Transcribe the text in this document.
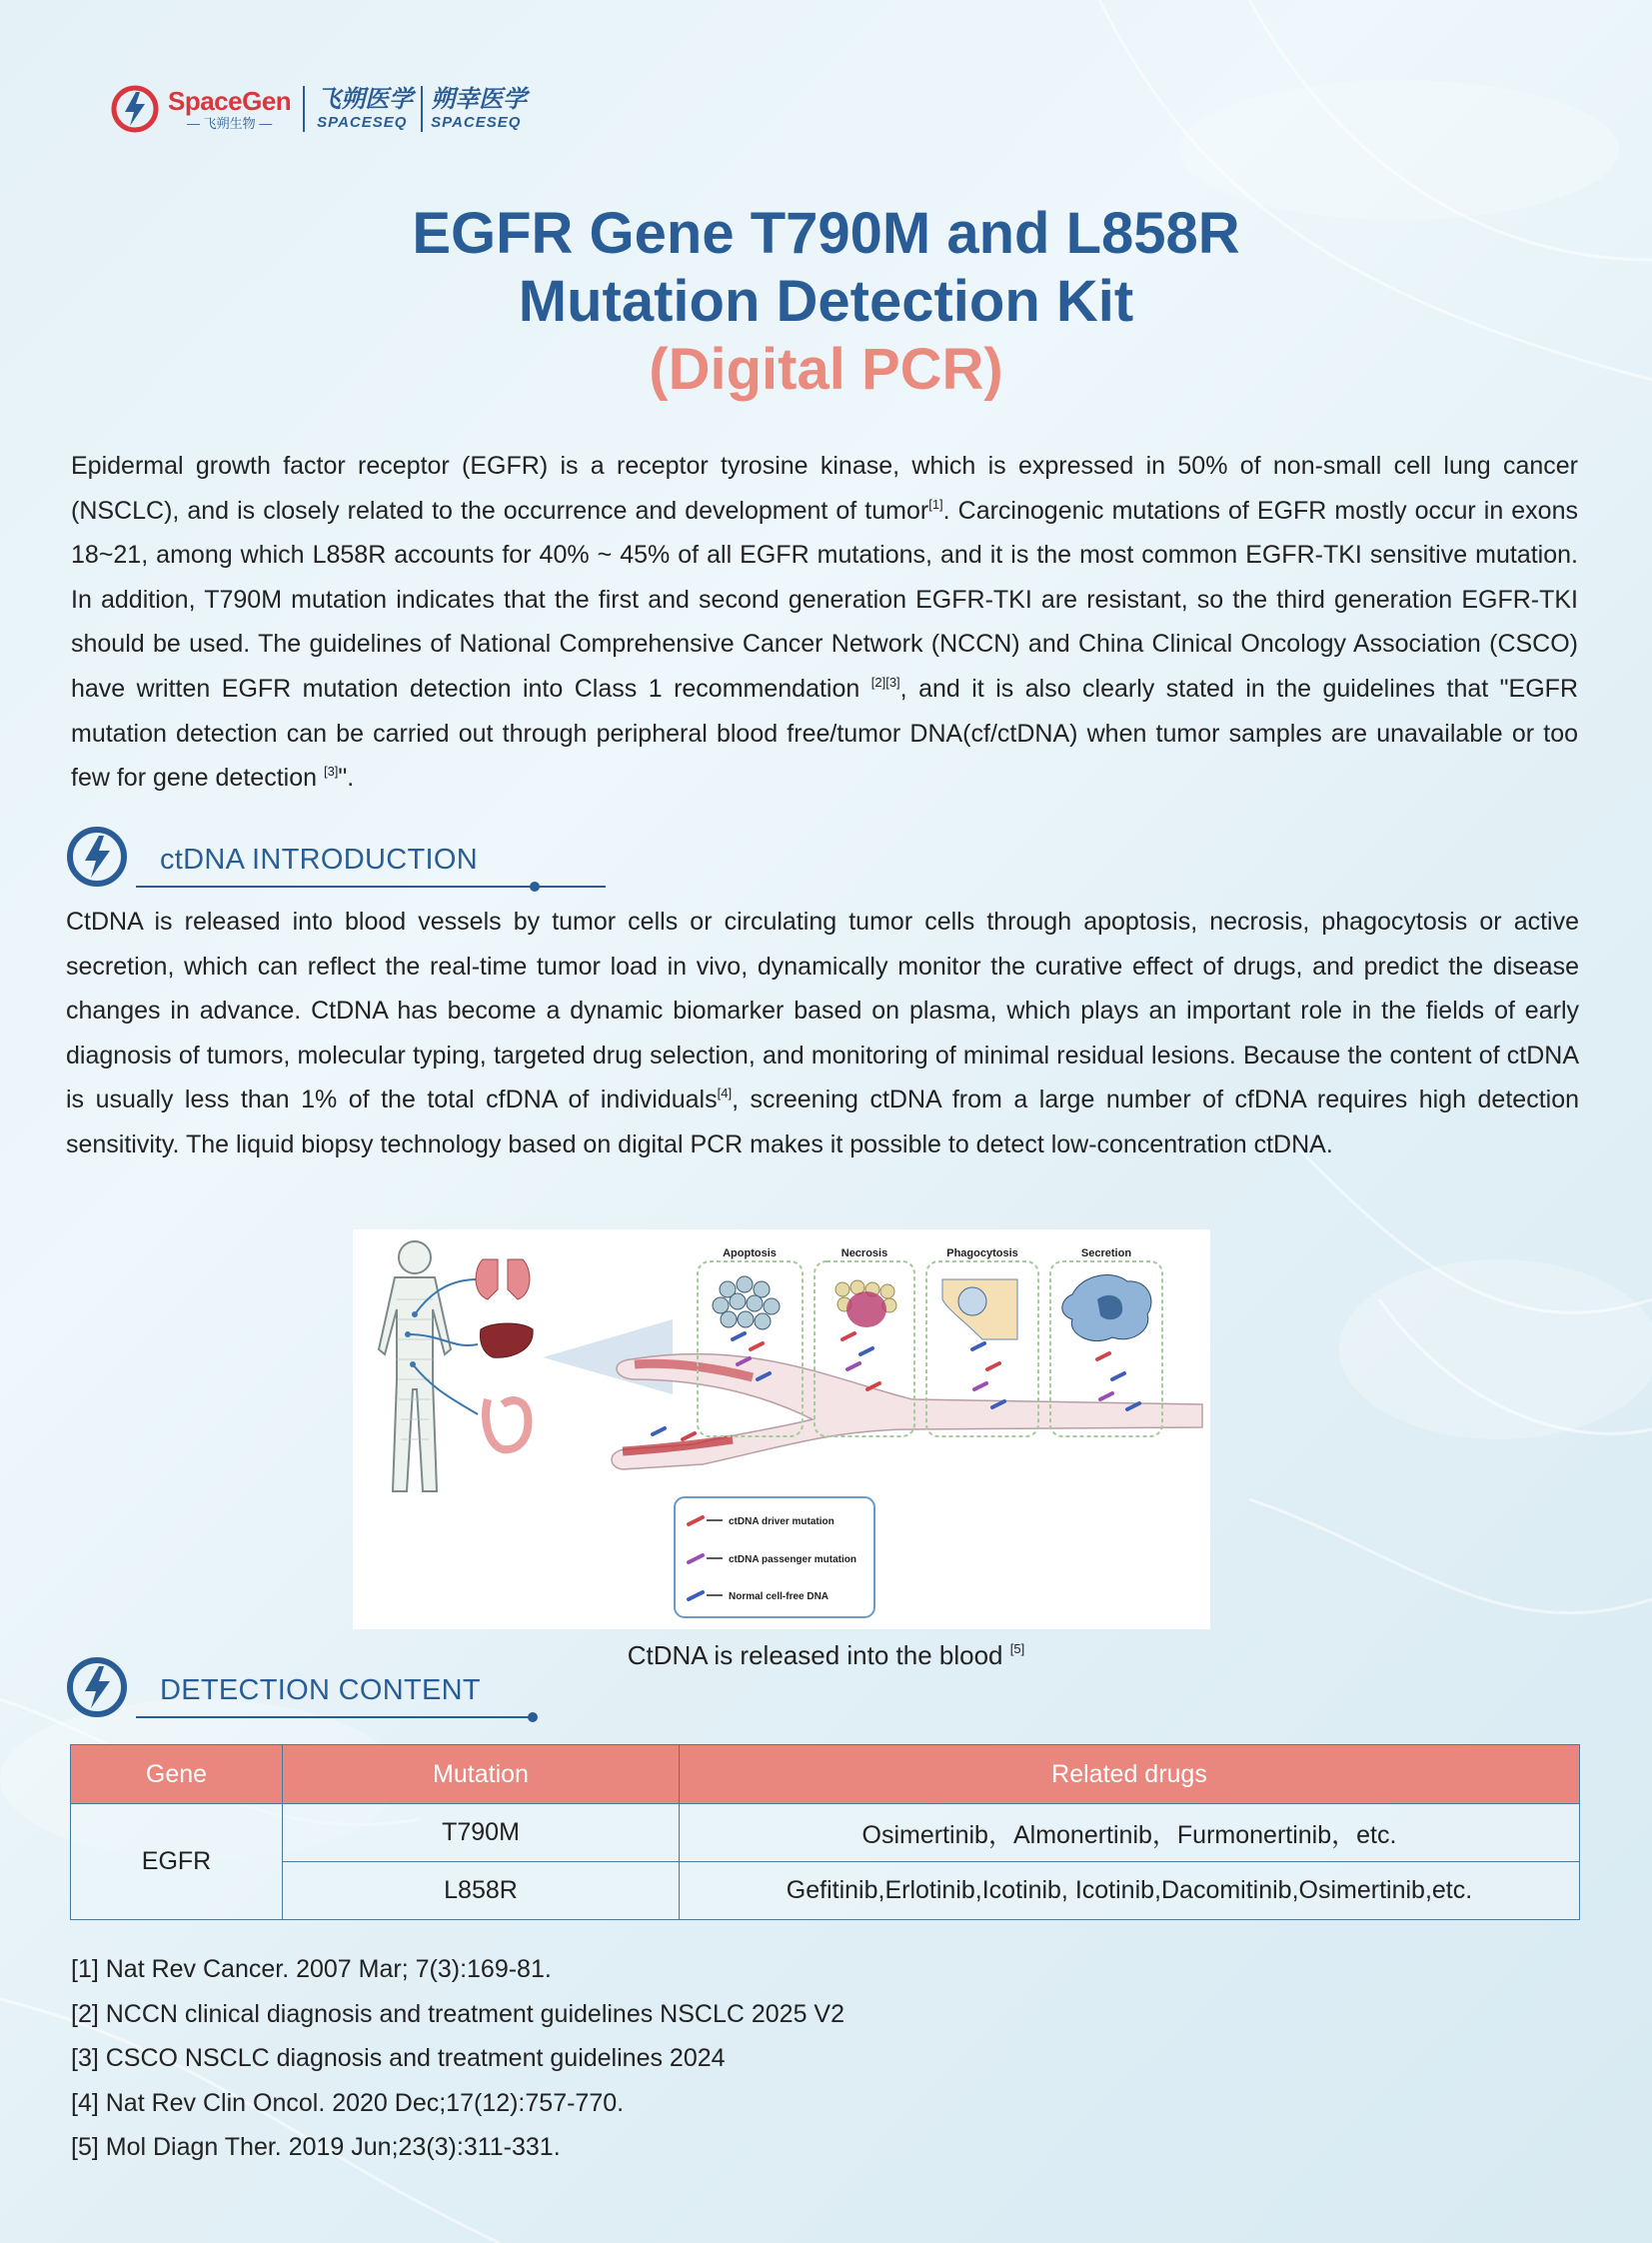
SpaceGen
— 飞朔生物 —
飞朔医学
SPACESEQ
朔幸医学
SPACESEQ
EGFR Gene T790M and L858R
Mutation Detection Kit
(Digital PCR)
Epidermal growth factor receptor (EGFR) is a receptor tyrosine kinase, which is expressed in 50% of non-small cell lung cancer (NSCLC), and is closely related to the occurrence and development of tumor[1]. Carcinogenic mutations of EGFR mostly occur in exons 18~21, among which L858R accounts for 40% ~ 45% of all EGFR mutations, and it is the most common EGFR-TKI sensitive mutation. In addition, T790M mutation indicates that the first and second generation EGFR-TKI are resistant, so the third generation EGFR-TKI should be used. The guidelines of National Comprehensive Cancer Network (NCCN) and China Clinical Oncology Association (CSCO) have written EGFR mutation detection into Class 1 recommendation [2][3], and it is also clearly stated in the guidelines that "EGFR mutation detection can be carried out through peripheral blood free/tumor DNA(cf/ctDNA) when tumor samples are unavailable or too few for gene detection [3]".
ctDNA INTRODUCTION
CtDNA is released into blood vessels by tumor cells or circulating tumor cells through apoptosis, necrosis, phagocytosis or active secretion, which can reflect the real-time tumor load in vivo, dynamically monitor the curative effect of drugs, and predict the disease changes in advance. CtDNA has become a dynamic biomarker based on plasma, which plays an important role in the fields of early diagnosis of tumors, molecular typing, targeted drug selection, and monitoring of minimal residual lesions. Because the content of ctDNA is usually less than 1% of the total cfDNA of individuals[4], screening ctDNA from a large number of cfDNA requires high detection sensitivity. The liquid biopsy technology based on digital PCR makes it possible to detect low-concentration ctDNA.
Apoptosis	Necrosis	Phagocytosis	Secretion
ctDNA driver mutation
ctDNA passenger mutation
Normal cell-free DNA
CtDNA is released into the blood [5]
DETECTION CONTENT
Gene	Mutation	Related drugs
EGFR	T790M	Osimertinib，Almonertinib，Furmonertinib，etc.
	L858R	Gefitinib,Erlotinib,Icotinib, Icotinib,Dacomitinib,Osimertinib,etc.
[1] Nat Rev Cancer. 2007 Mar; 7(3):169-81.
[2] NCCN clinical diagnosis and treatment guidelines NSCLC 2025 V2
[3] CSCO NSCLC diagnosis and treatment guidelines 2024
[4] Nat Rev Clin Oncol. 2020 Dec;17(12):757-770.
[5] Mol Diagn Ther. 2019 Jun;23(3):311-331.
